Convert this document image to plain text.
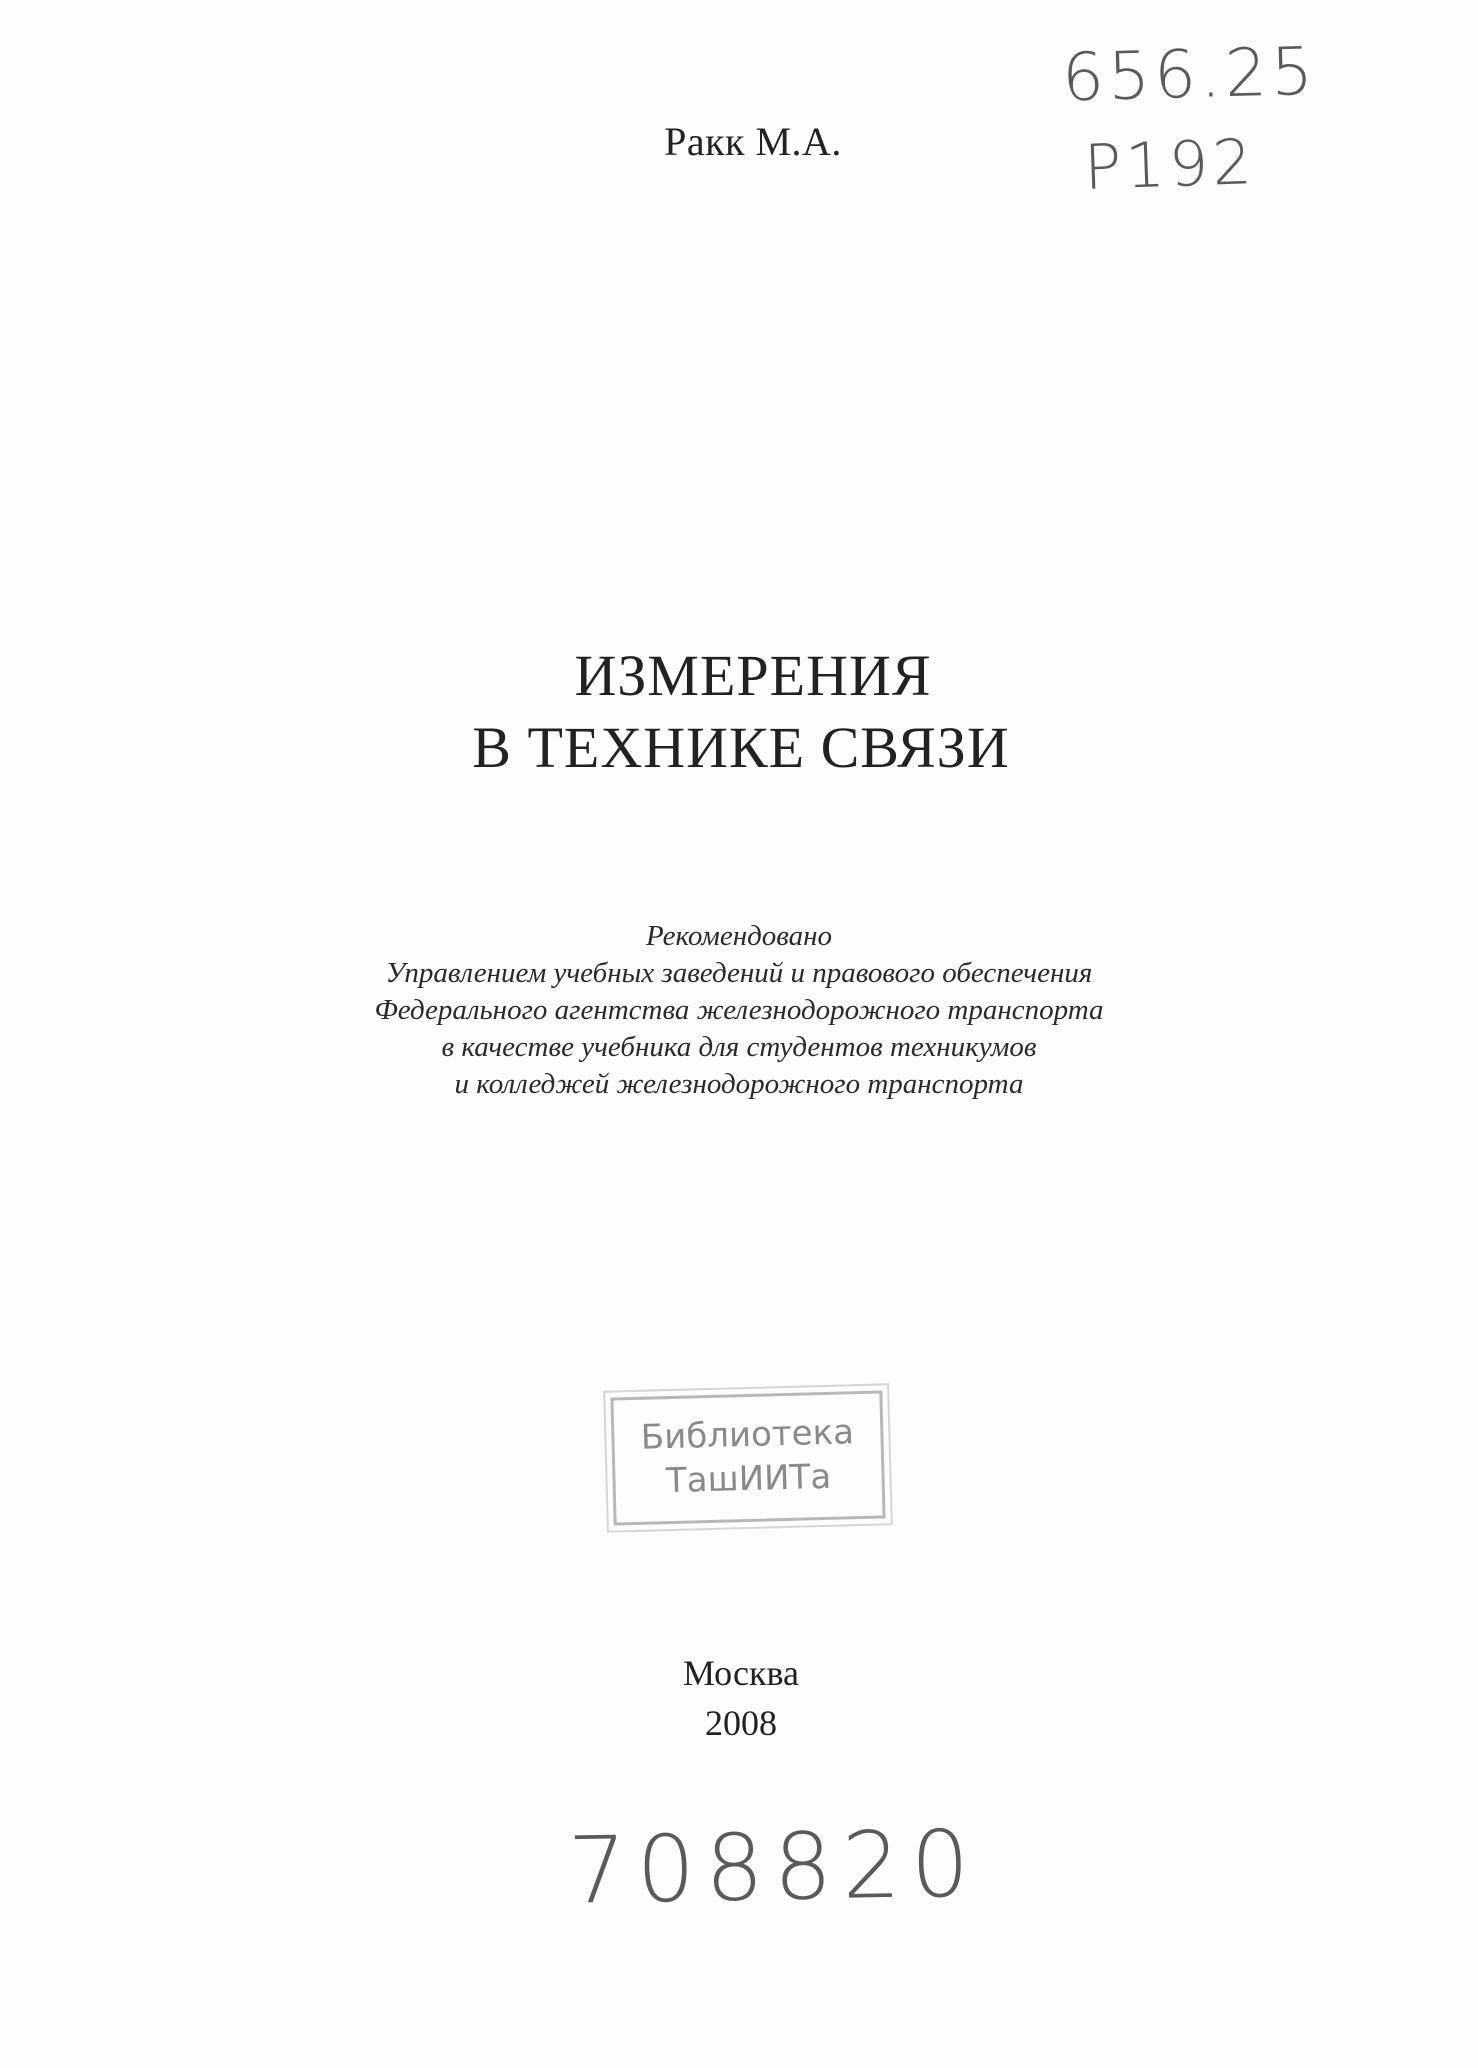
656.25
Р192
Ракк М.А.
ИЗМЕРЕНИЯ
В ТЕХНИКЕ СВЯЗИ
Рекомендовано
Управлением учебных заведений и правового обеспечения
Федерального агентства железнодорожного транспорта
в качестве учебника для студентов техникумов
и колледжей железнодорожного транспорта
Библиотека
ТашИИТа
Москва
2008
708820
